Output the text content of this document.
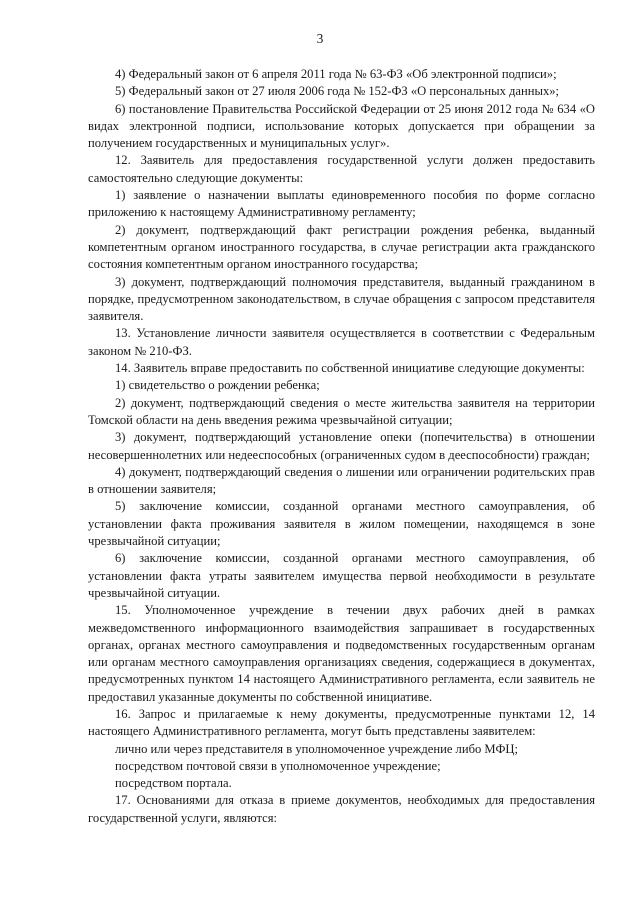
3

4) Федеральный закон от 6 апреля 2011 года № 63-ФЗ «Об электронной подписи»;

5) Федеральный закон от 27 июля 2006 года № 152-ФЗ «О персональных данных»;

6) постановление Правительства Российской Федерации от 25 июня 2012 года № 634 «О видах электронной подписи, использование которых допускается при обращении за получением государственных и муниципальных услуг».

12. Заявитель для предоставления государственной услуги должен предоставить самостоятельно следующие документы:

1) заявление о назначении выплаты единовременного пособия по форме согласно приложению к настоящему Административному регламенту;

2) документ, подтверждающий факт регистрации рождения ребенка, выданный компетентным органом иностранного государства, в случае регистрации акта гражданского состояния компетентным органом иностранного государства;

3) документ, подтверждающий полномочия представителя, выданный гражданином в порядке, предусмотренном законодательством, в случае обращения с запросом представителя заявителя.

13. Установление личности заявителя осуществляется в соответствии с Федеральным законом № 210-ФЗ.

14. Заявитель вправе предоставить по собственной инициативе следующие документы:

1) свидетельство о рождении ребенка;

2) документ, подтверждающий сведения о месте жительства заявителя на территории Томской области на день введения режима чрезвычайной ситуации;

3) документ, подтверждающий установление опеки (попечительства) в отношении несовершеннолетних или недееспособных (ограниченных судом в дееспособности) граждан;

4) документ, подтверждающий сведения о лишении или ограничении родительских прав в отношении заявителя;

5) заключение комиссии, созданной органами местного самоуправления, об установлении факта проживания заявителя в жилом помещении, находящемся в зоне чрезвычайной ситуации;

6) заключение комиссии, созданной органами местного самоуправления, об установлении факта утраты заявителем имущества первой необходимости в результате чрезвычайной ситуации.

15. Уполномоченное учреждение в течении двух рабочих дней в рамках межведомственного информационного взаимодействия запрашивает в государственных органах, органах местного самоуправления и подведомственных государственным органам или органам местного самоуправления организациях сведения, содержащиеся в документах, предусмотренных пунктом 14 настоящего Административного регламента, если заявитель не предоставил указанные документы по собственной инициативе.

16. Запрос и прилагаемые к нему документы, предусмотренные пунктами 12, 14 настоящего Административного регламента, могут быть представлены заявителем:

лично или через представителя в уполномоченное учреждение либо МФЦ;

посредством почтовой связи в уполномоченное учреждение;

посредством портала.

17. Основаниями для отказа в приеме документов, необходимых для предоставления государственной услуги, являются:
